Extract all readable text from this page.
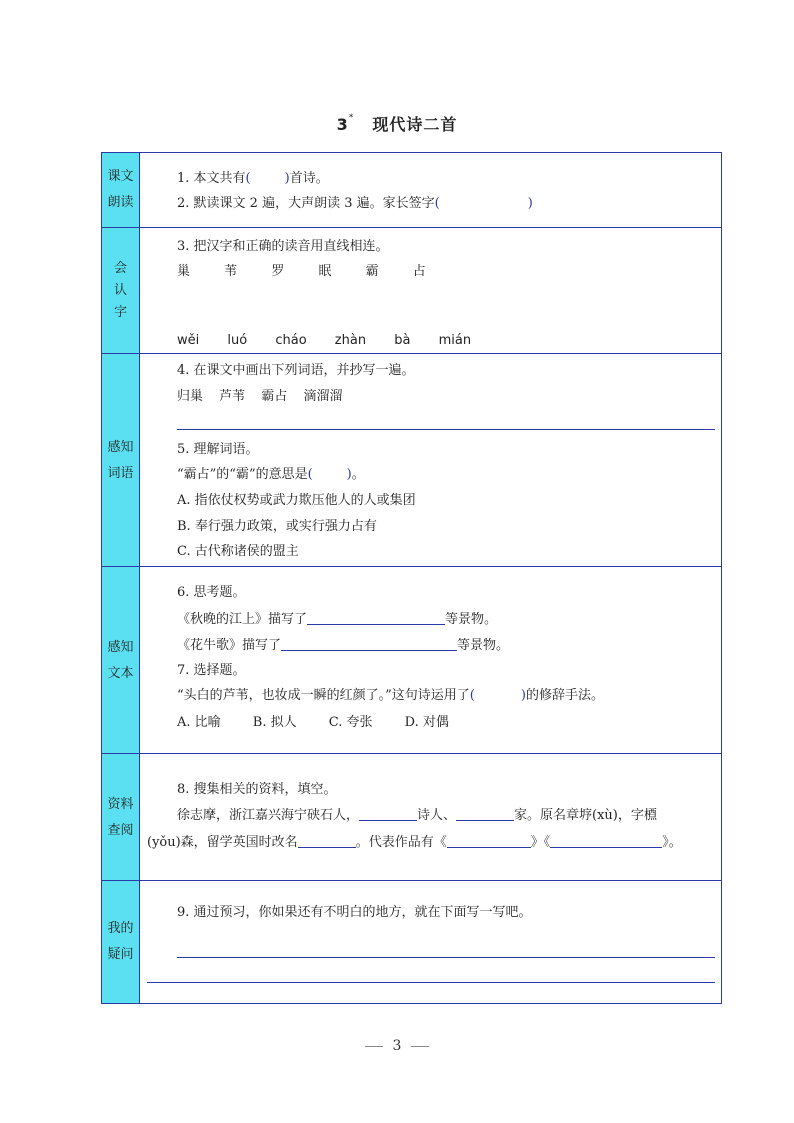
3* 现代诗二首
课文
朗读
1. 本文共有(	)首诗。
2. 默读课文 2 遍，大声朗读 3 遍。家长签字(	)
会
认
字
3. 把汉字和正确的读音用直线相连。
巢	苇	罗	眠	霸	占
wěi luó cháo zhàn bà mián
感知
词语
4. 在课文中画出下列词语，并抄写一遍。
归巢 芦苇 霸占 滴溜溜
5. 理解词语。
“霸占”的“霸”的意思是(	)。
A. 指依仗权势或武力欺压他人的人或集团
B. 奉行强力政策，或实行强力占有
C. 古代称诸侯的盟主
感知
文本
6. 思考题。
《秋晚的江上》描写了	等景物。
《花牛歌》描写了	等景物。
7. 选择题。
“头白的芦苇，也妆成一瞬的红颜了。”这句诗运用了(	)的修辞手法。
A. 比喻 B. 拟人 C. 夸张 D. 对偶
资料
查阅
8. 搜集相关的资料，填空。
徐志摩，浙江嘉兴海宁硖石人，	诗人、	家。原名章垿(xù)，字槱
(yǒu)森，留学英国时改名	。代表作品有《	》《	》。
我的
疑问
9. 通过预习，你如果还有不明白的地方，就在下面写一写吧。
3
